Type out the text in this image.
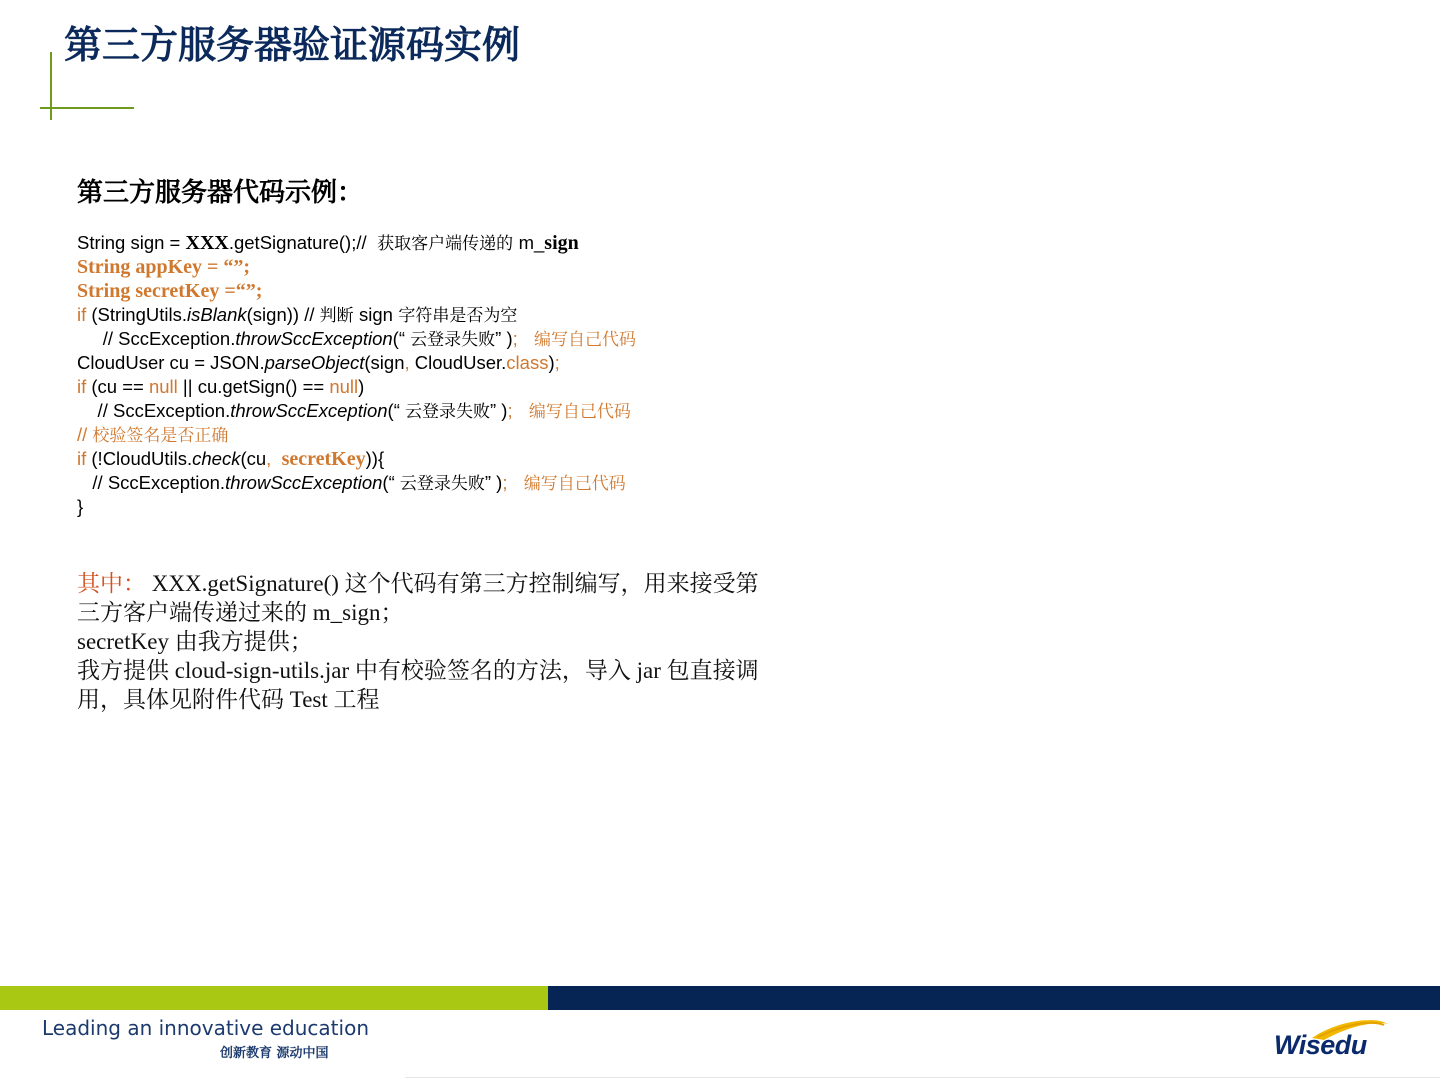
第三方服务器验证源码实例
第三方服务器代码示例：
String sign = XXX.getSignature();//  获取客户端传递的 m_sign
String appKey = “”;
String secretKey =“”;
if (StringUtils.isBlank(sign)) // 判断 sign 字符串是否为空
// SccException.throwSccException(“ 云登录失败” );   编写自己代码
CloudUser cu = JSON.parseObject(sign, CloudUser.class);
if (cu == null || cu.getSign() == null)
// SccException.throwSccException(“ 云登录失败” );   编写自己代码
// 校验签名是否正确
if (!CloudUtils.check(cu,  secretKey)){
// SccException.throwSccException(“ 云登录失败” );   编写自己代码
}

其中： XXX.getSignature() 这个代码有第三方控制编写，用来接受第

三方客户端传递过来的 m_sign；

secretKey 由我方提供；

我方提供 cloud-sign-utils.jar 中有校验签名的方法，导入 jar 包直接调

用，具体见附件代码 Test 工程

Leading an innovative education
创新教育 源动中国	Wisedu
